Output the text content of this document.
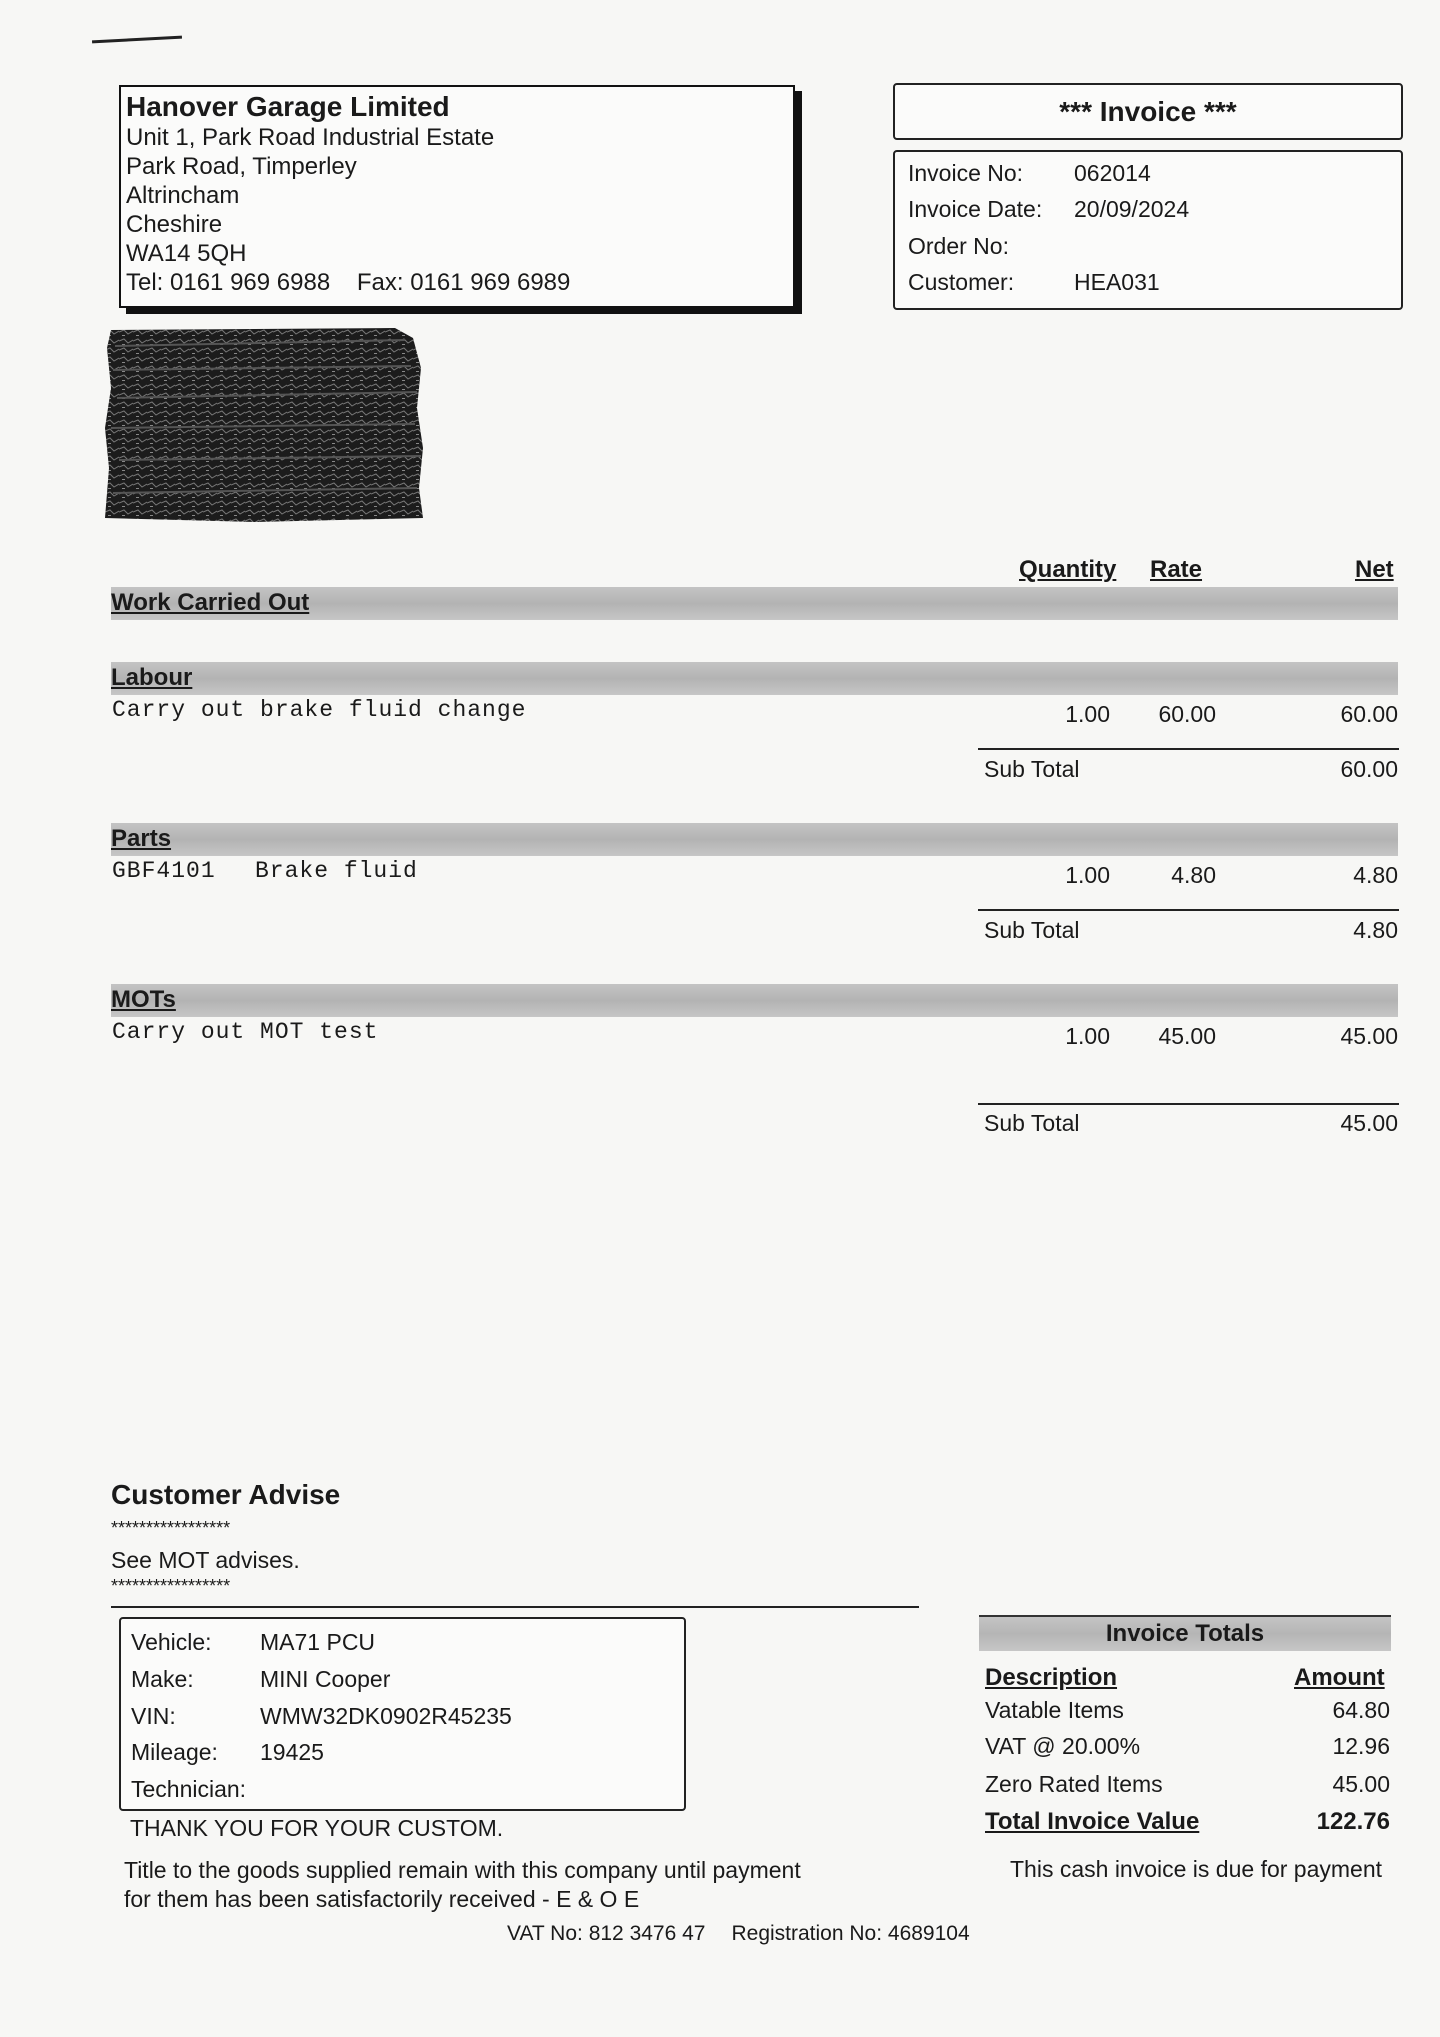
Hanover Garage Limited
Unit 1, Park Road Industrial Estate
Park Road, Timperley
Altrincham
Cheshire
WA14 5QH
Tel: 0161 969 6988 Fax: 0161 969 6989
*** Invoice ***
Invoice No: 062014
Invoice Date: 20/09/2024
Order No:
Customer:	HEA031
Quantity Rate	Net
Work Carried Out
Labour
Carry out brake fluid change	1.00	60.00	60.00
Sub Total	60.00
Parts
GBF4101 Brake fluid	1.00	4.80	4.80
Sub Total	4.80
MOTs
Carry out MOT test	1.00	45.00	45.00
Sub Total	45.00
Customer Advise
*****************
See MOT advises.
*****************
Vehicle: MA71 PCU
Make:	MINI Cooper
VIN:	WMW32DK0902R45235
Mileage: 19425
Technician:
THANK YOU FOR YOUR CUSTOM.
Title to the goods supplied remain with this company until payment
for them has been satisfactorily received - E & O E
VAT No: 812 3476 47 Registration No: 4689104
Invoice Totals
Description	Amount
Vatable Items	64.80
VAT @ 20.00%	12.96
Zero Rated Items	45.00
Total Invoice Value	122.76
This cash invoice is due for payment
